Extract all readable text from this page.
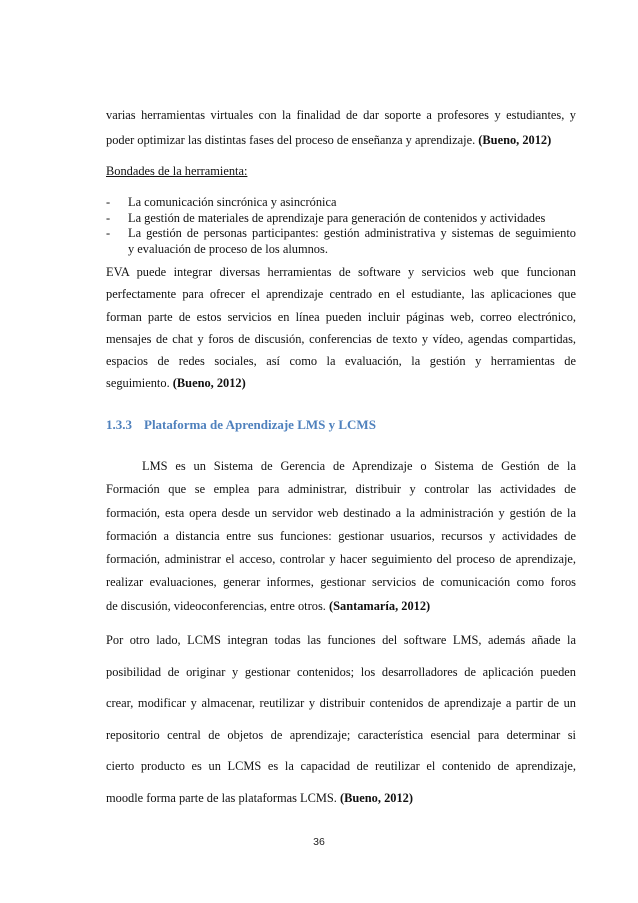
varias herramientas virtuales con la finalidad de dar soporte a profesores y estudiantes, y
poder optimizar las distintas fases del proceso de enseñanza y aprendizaje. (Bueno, 2012)
Bondades de la herramienta:
- La comunicación sincrónica y asincrónica
- La gestión de materiales de aprendizaje para generación de contenidos y actividades
- La gestión de personas participantes: gestión administrativa y sistemas de seguimiento
y evaluación de proceso de los alumnos.
EVA puede integrar diversas herramientas de software y servicios web que funcionan
perfectamente para ofrecer el aprendizaje centrado en el estudiante, las aplicaciones que
forman parte de estos servicios en línea pueden incluir páginas web, correo electrónico,
mensajes de chat y foros de discusión, conferencias de texto y vídeo, agendas compartidas,
espacios de redes sociales, así como la evaluación, la gestión y herramientas de
seguimiento. (Bueno, 2012)
1.3.3 Plataforma de Aprendizaje LMS y LCMS
LMS es un Sistema de Gerencia de Aprendizaje o Sistema de Gestión de la
Formación que se emplea para administrar, distribuir y controlar las actividades de
formación, esta opera desde un servidor web destinado a la administración y gestión de la
formación a distancia entre sus funciones: gestionar usuarios, recursos y actividades de
formación, administrar el acceso, controlar y hacer seguimiento del proceso de aprendizaje,
realizar evaluaciones, generar informes, gestionar servicios de comunicación como foros
de discusión, videoconferencias, entre otros. (Santamaría, 2012)
Por otro lado, LCMS integran todas las funciones del software LMS, además añade la
posibilidad de originar y gestionar contenidos; los desarrolladores de aplicación pueden
crear, modificar y almacenar, reutilizar y distribuir contenidos de aprendizaje a partir de un
repositorio central de objetos de aprendizaje; característica esencial para determinar si
cierto producto es un LCMS es la capacidad de reutilizar el contenido de aprendizaje,
moodle forma parte de las plataformas LCMS. (Bueno, 2012)
36
